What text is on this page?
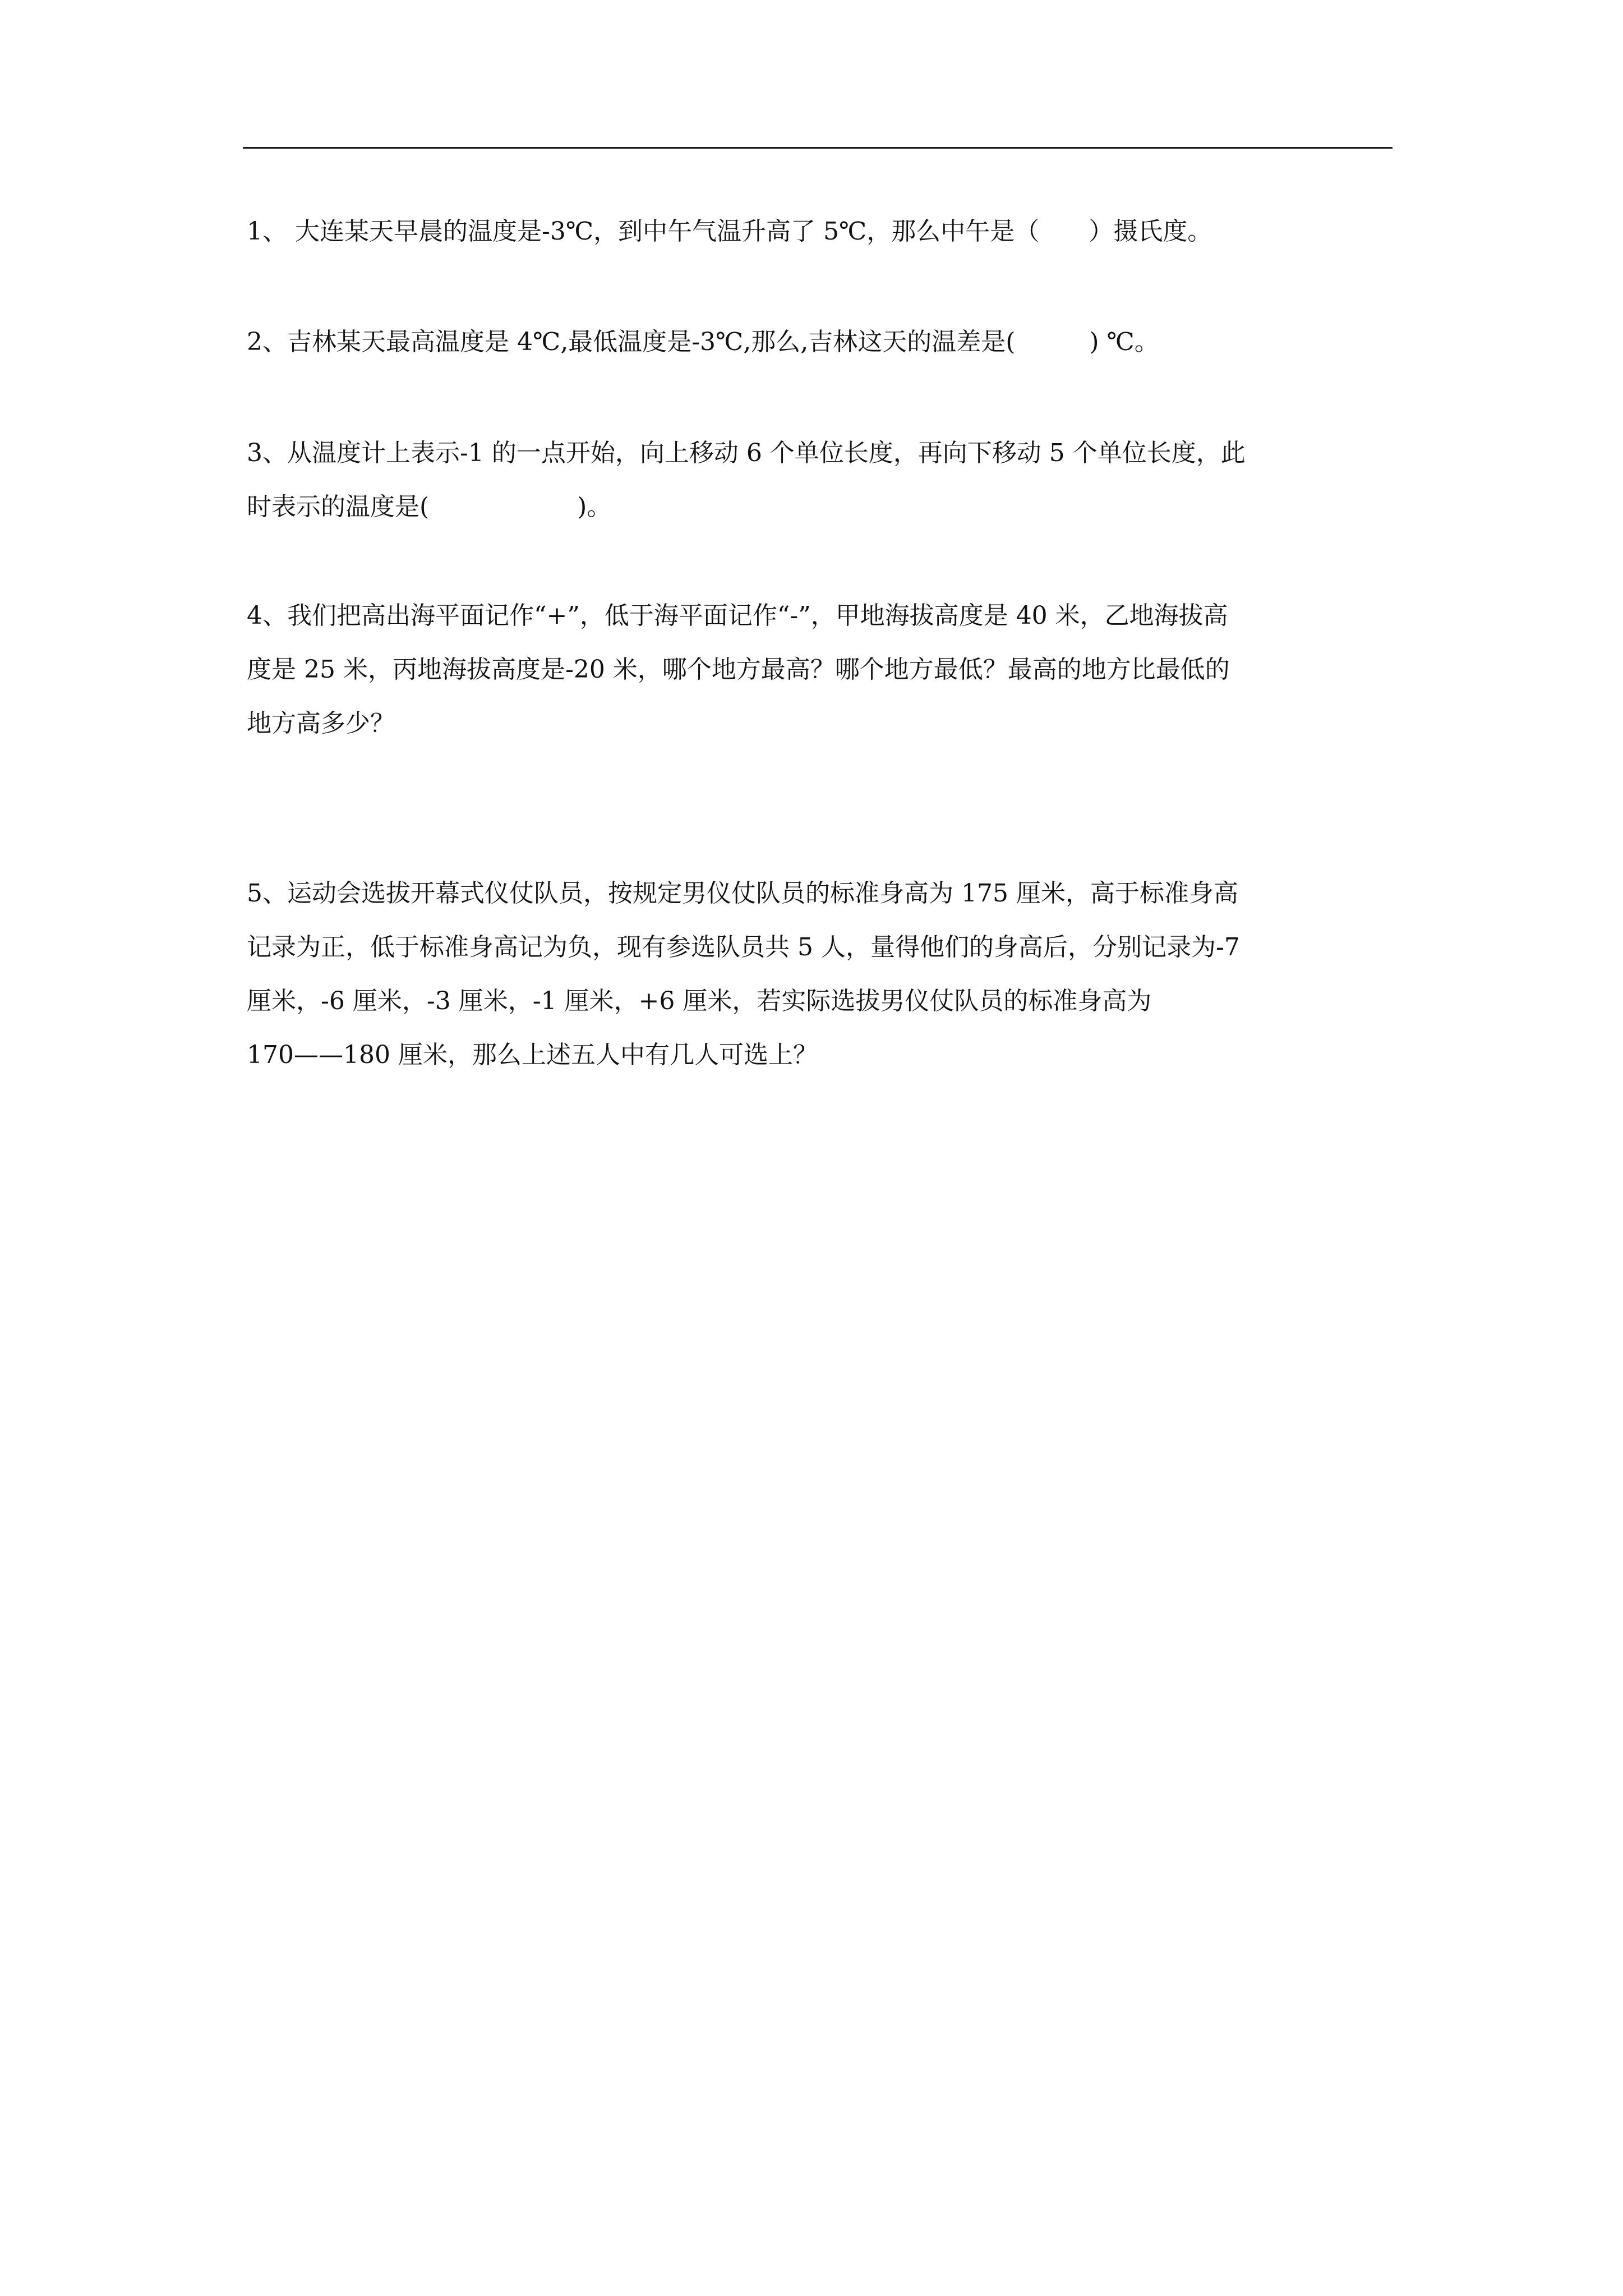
1、 大连某天早晨的温度是-3℃，到中午气温升高了 5℃，那么中午是（　　）摄氏度。
2、吉林某天最高温度是 4℃,最低温度是-3℃,那么,吉林这天的温差是(　　　) ℃。
3、从温度计上表示-1 的一点开始，向上移动 6 个单位长度，再向下移动 5 个单位长度，此
时表示的温度是(　　　　　　)。
4、我们把高出海平面记作“+”，低于海平面记作“-”，甲地海拔高度是 40 米，乙地海拔高
度是 25 米，丙地海拔高度是-20 米，哪个地方最高？哪个地方最低？最高的地方比最低的
地方高多少？
5、运动会选拔开幕式仪仗队员，按规定男仪仗队员的标准身高为 175 厘米，高于标准身高
记录为正，低于标准身高记为负，现有参选队员共 5 人，量得他们的身高后，分别记录为-7
厘米，-6 厘米，-3 厘米，-1 厘米，+6 厘米，若实际选拔男仪仗队员的标准身高为
170——180 厘米，那么上述五人中有几人可选上？
